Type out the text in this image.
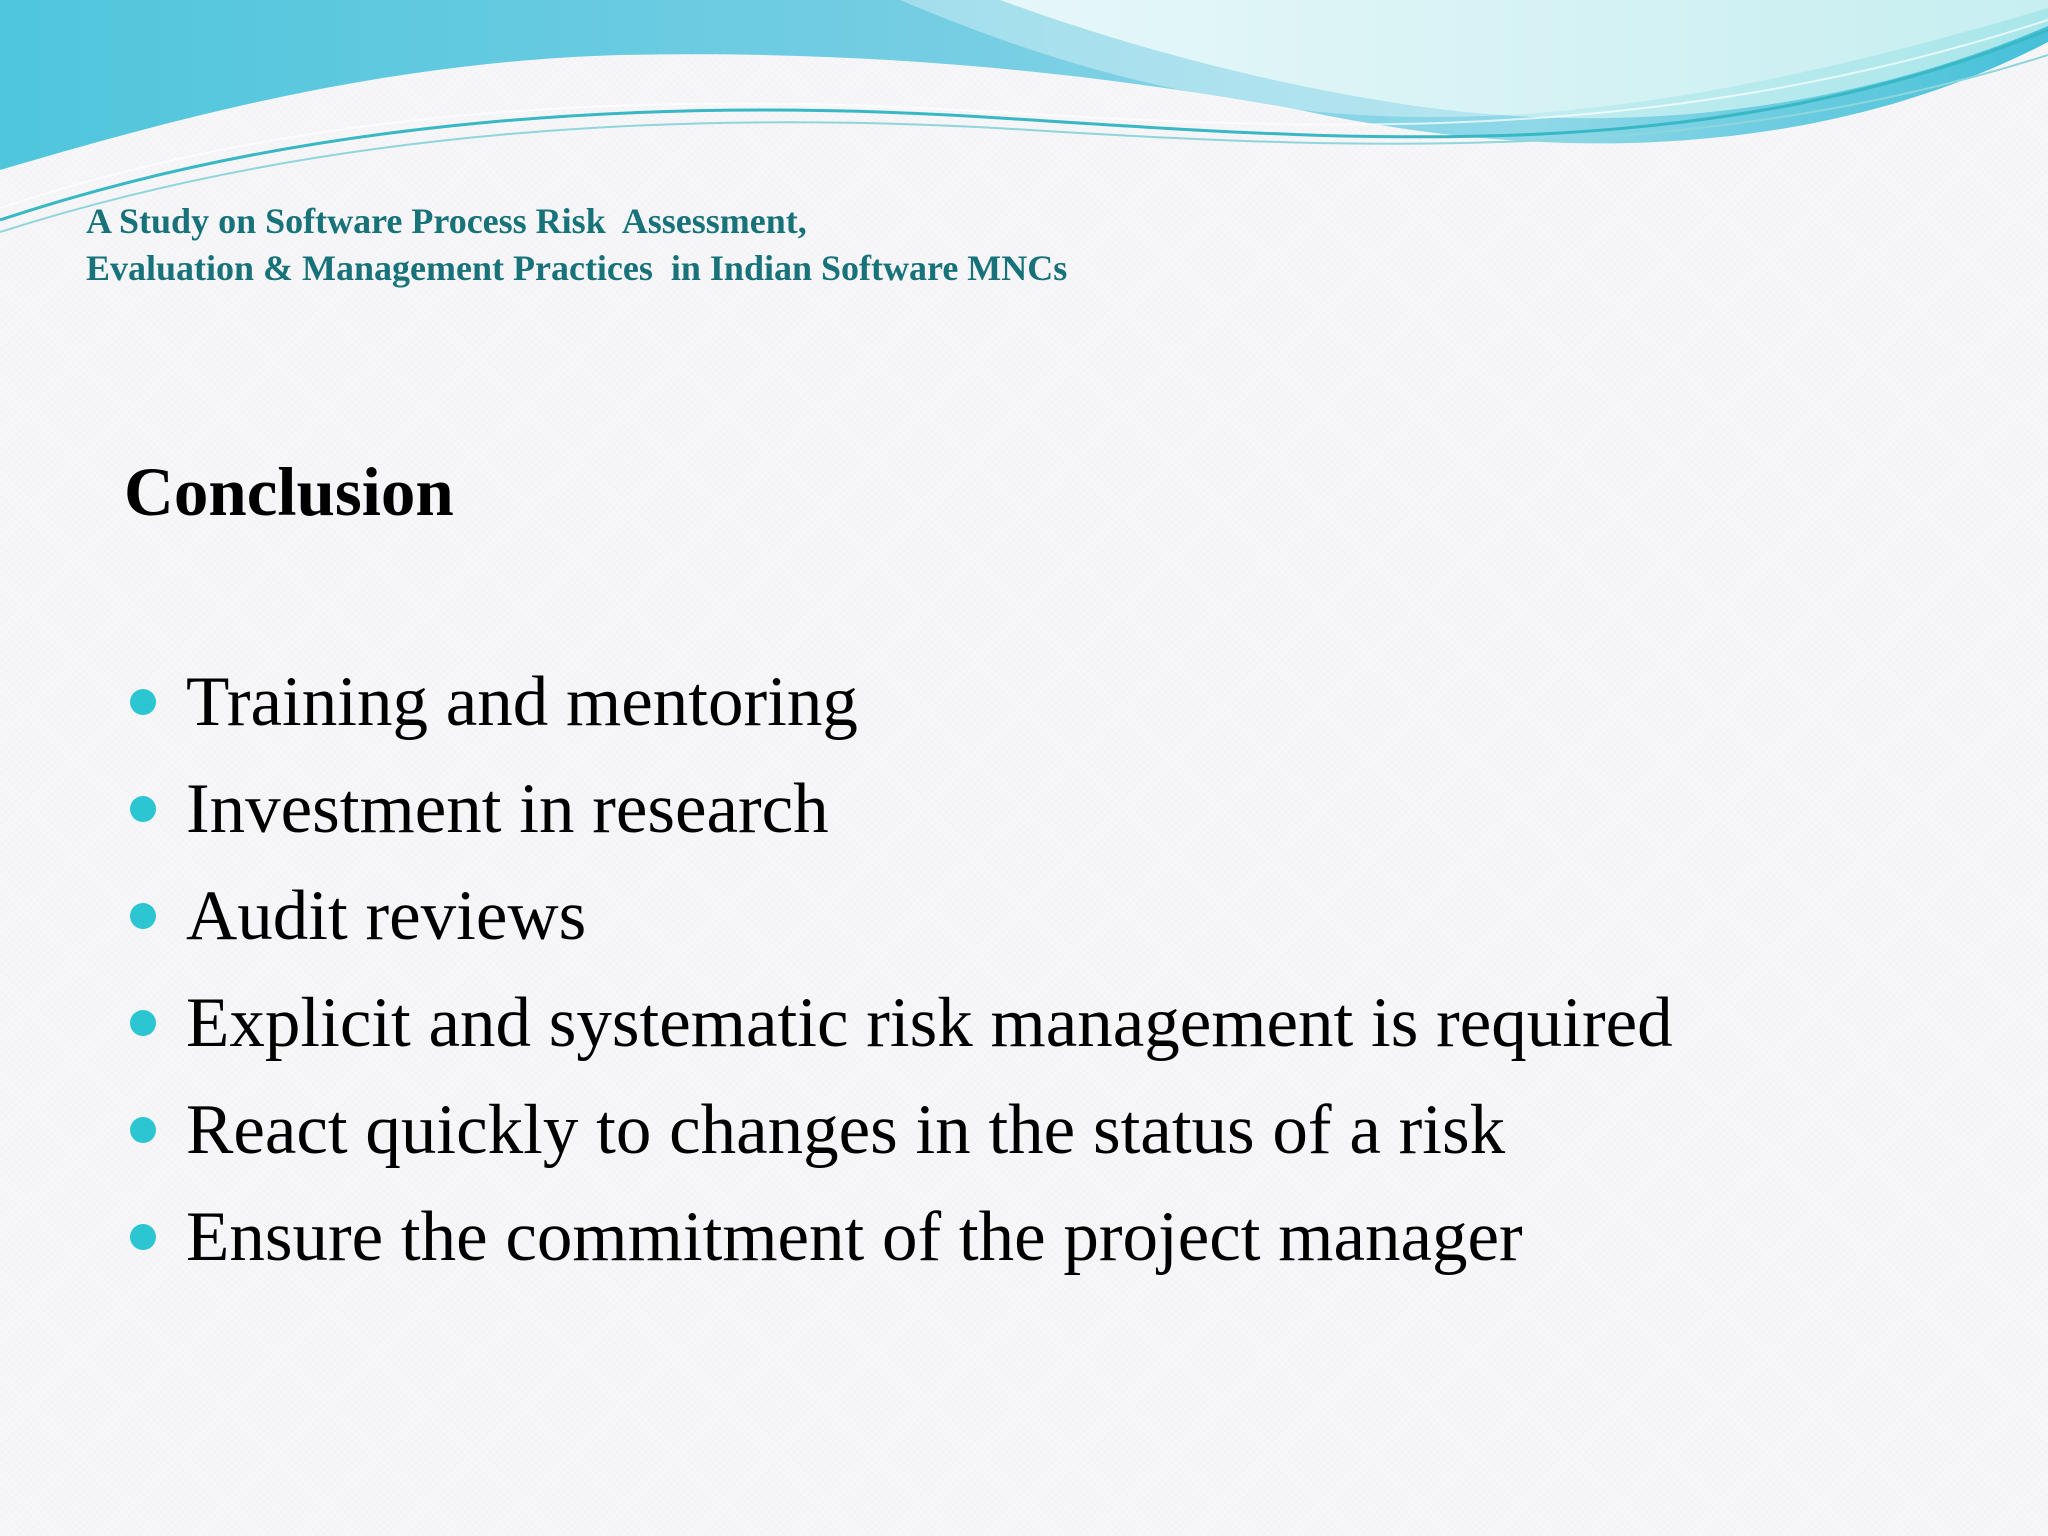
A Study on Software Process Risk  Assessment,
Evaluation & Management Practices  in Indian Software MNCs

Conclusion
Training and mentoring
Investment in research
Audit reviews
Explicit and systematic risk management is required
React quickly to changes in the status of a risk
Ensure the commitment of the project manager
